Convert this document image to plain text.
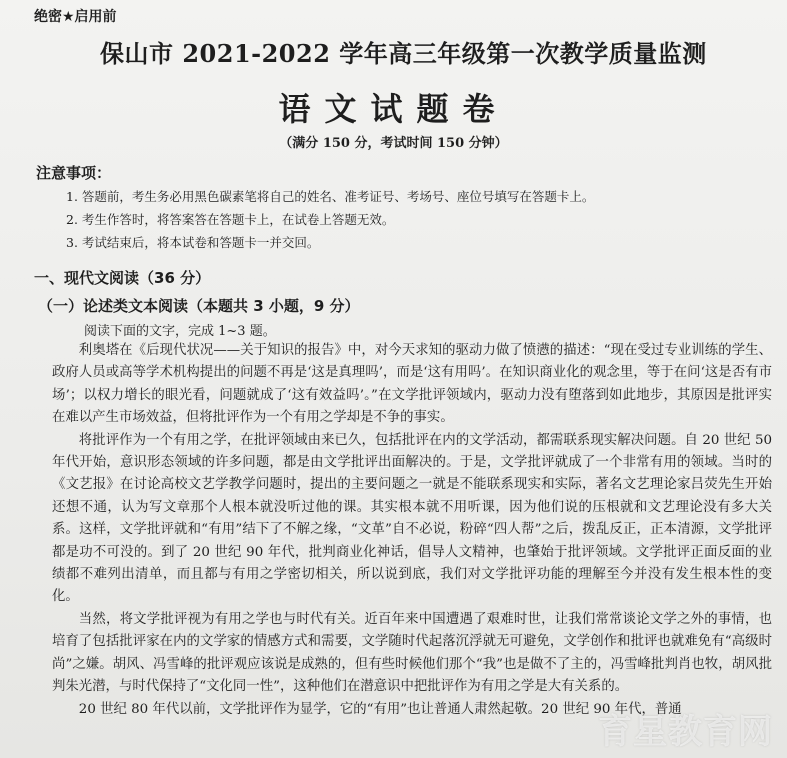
绝密★启用前
保山市 2021-2022 学年高三年级第一次教学质量监测
语文试题卷
（满分 150 分，考试时间 150 分钟）
注意事项：
1. 答题前，考生务必用黑色碳素笔将自己的姓名、准考证号、考场号、座位号填写在答题卡上。
2. 考生作答时，将答案答在答题卡上，在试卷上答题无效。
3. 考试结束后，将本试卷和答题卡一并交回。
一、现代文阅读（36 分）
（一）论述类文本阅读（本题共 3 小题，9 分）
阅读下面的文字，完成 1~3 题。

利奥塔在《后现代状况——关于知识的报告》中，对今天求知的驱动力做了愤懑的描述：“现在受过专业训练的学生、政府人员或高等学术机构提出的问题不再是‘这是真理吗’，而是‘这有用吗’。在知识商业化的观念里，等于在问‘这是否有市场’；以权力增长的眼光看，问题就成了‘这有效益吗’。”在文学批评领域内，驱动力没有堕落到如此地步，其原因是批评实在难以产生市场效益，但将批评作为一个有用之学却是不争的事实。

将批评作为一个有用之学，在批评领域由来已久，包括批评在内的文学活动，都需联系现实解决问题。自 20 世纪 50 年代开始，意识形态领域的许多问题，都是由文学批评出面解决的。于是，文学批评就成了一个非常有用的领域。当时的《文艺报》在讨论高校文艺学教学问题时，提出的主要问题之一就是不能联系现实和实际，著名文艺理论家吕荧先生开始还想不通，认为写文章那个人根本就没听过他的课。其实根本就不用听课，因为他们说的压根就和文艺理论没有多大关系。这样，文学批评就和“有用”结下了不解之缘，“文革”自不必说，粉碎“四人帮”之后，拨乱反正，正本清源，文学批评都是功不可没的。到了 20 世纪 90 年代，批判商业化神话，倡导人文精神，也肇始于批评领域。文学批评正面反面的业绩都不难列出清单，而且都与有用之学密切相关，所以说到底，我们对文学批评功能的理解至今并没有发生根本性的变化。

当然，将文学批评视为有用之学也与时代有关。近百年来中国遭遇了艰难时世，让我们常常谈论文学之外的事情，也培育了包括批评家在内的文学家的情感方式和需要，文学随时代起落沉浮就无可避免，文学创作和批评也就难免有“高级时尚”之嫌。胡风、冯雪峰的批评观应该说是成熟的，但有些时候他们那个“我”也是做不了主的，冯雪峰批判肖也牧，胡风批判朱光潜，与时代保持了“文化同一性”，这种他们在潜意识中把批评作为有用之学是大有关系的。

20 世纪 80 年代以前，文学批评作为显学，它的“有用”也让普通人肃然起敬。20 世纪 90 年代，普通

育星教育网
